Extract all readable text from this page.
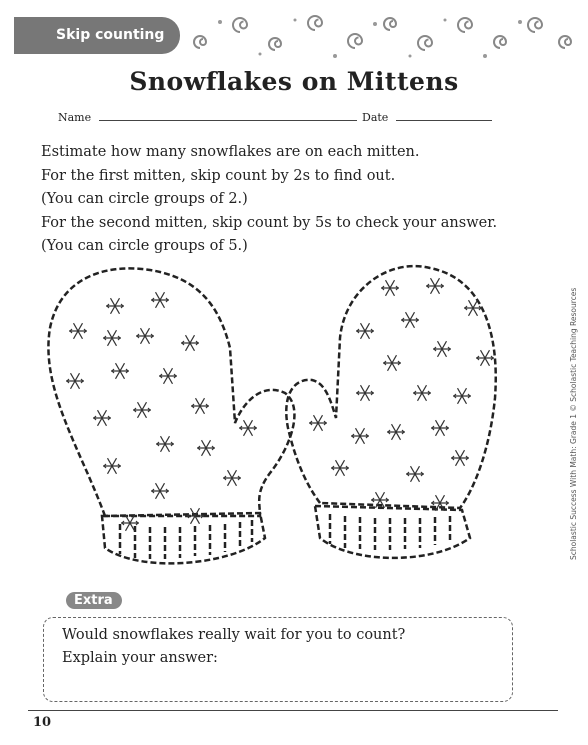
Skip counting
Snowflakes on Mittens
Name	Date
Estimate how many snowflakes are on each mitten.
For the first mitten, skip count by 2s to find out.
(You can circle groups of 2.)
For the second mitten, skip count by 5s to check your answer.
(You can circle groups of 5.)
Extra
Would snowflakes really wait for you to count?
Explain your answer:
10
Scholastic Success With Math: Grade 1 © Scholastic Teaching Resources
